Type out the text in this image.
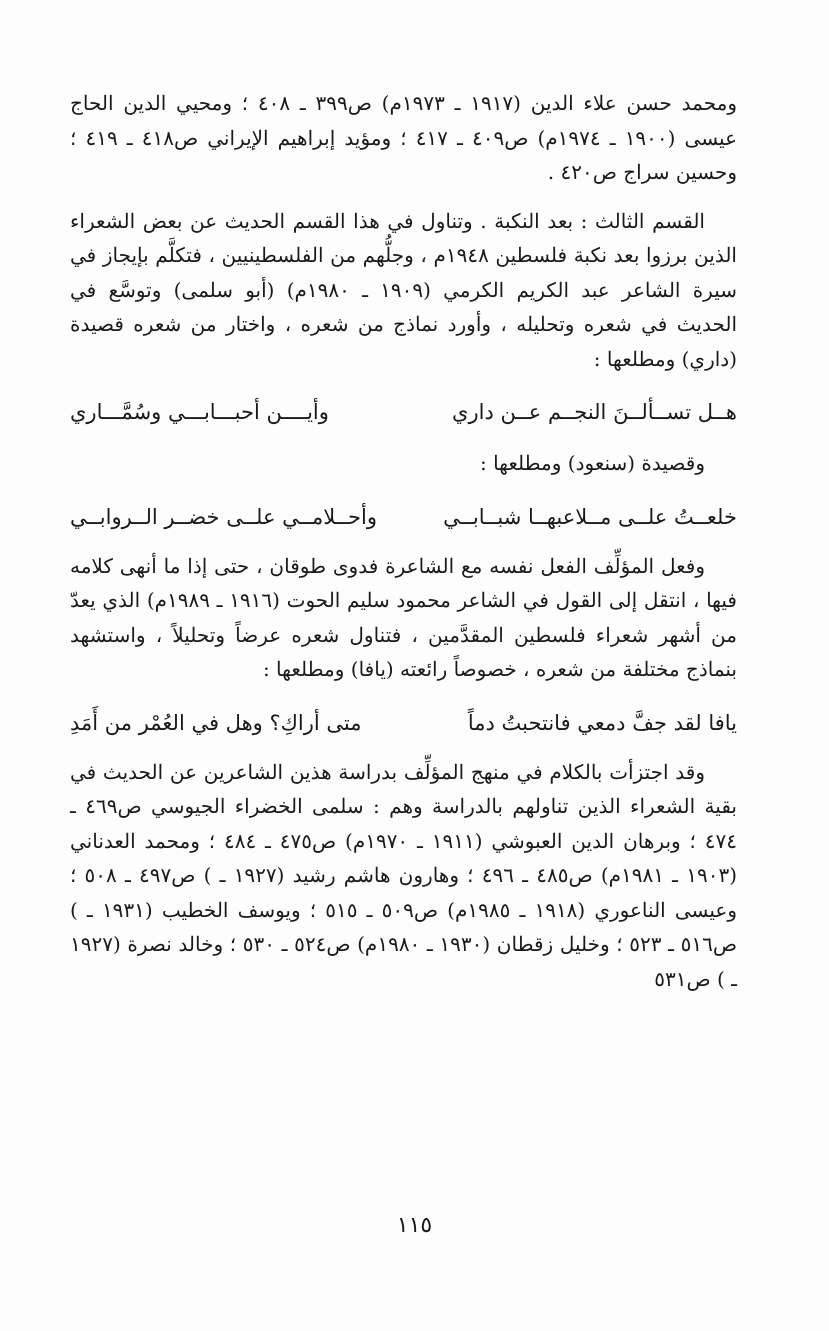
ومحمد حسن علاء الدين (١٩١٧ ـ ١٩٧٣م) ص٣٩٩ ـ ٤٠٨ ؛ ومحيي الدين الحاج عيسى (١٩٠٠ ـ ١٩٧٤م) ص٤٠٩ ـ ٤١٧ ؛ ومؤيد إبراهيم الإيراني ص٤١٨ ـ ٤١٩ ؛ وحسين سراج ص٤٢٠ .

القسم الثالث : بعد النكبة . وتناول في هذا القسم الحديث عن بعض الشعراء الذين برزوا بعد نكبة فلسطين ١٩٤٨م ، وجلُّهم من الفلسطينيين ، فتكلَّم بإيجاز في سيرة الشاعر عبد الكريم الكرمي (١٩٠٩ ـ ١٩٨٠م) (أبو سلمى) وتوسَّع في الحديث في شعره وتحليله ، وأورد نماذج من شعره ، واختار من شعره قصيدة (داري) ومطلعها :

هــل تســألــنَ النجــم عــن داري
وأيــــن أحبـــابـــي وسُمَّـــاري
وقصيدة (سنعود) ومطلعها :
خلعــتُ علــى مــلاعبهــا شبــابــي
وأحــلامــي علــى خضــر الــروابــي

وفعل المؤلِّف الفعل نفسه مع الشاعرة فدوى طوقان ، حتى إذا ما أنهى كلامه فيها ، انتقل إلى القول في الشاعر محمود سليم الحوت (١٩١٦ ـ ١٩٨٩م) الذي يعدّ من أشهر شعراء فلسطين المقدَّمين ، فتناول شعره عرضاً وتحليلاً ، واستشهد بنماذج مختلفة من شعره ، خصوصاً رائعته (يافا) ومطلعها :

يافا لقد جفَّ دمعي فانتحبتُ دماً
متى أراكِ؟ وهل في العُمْر من أَمَدِ

وقد اجتزأت بالكلام في منهج المؤلِّف بدراسة هذين الشاعرين عن الحديث في بقية الشعراء الذين تناولهم بالدراسة وهم : سلمى الخضراء الجيوسي ص٤٦٩ ـ ٤٧٤ ؛ وبرهان الدين العبوشي (١٩١١ ـ ١٩٧٠م) ص٤٧٥ ـ ٤٨٤ ؛ ومحمد العدناني (١٩٠٣ ـ ١٩٨١م) ص٤٨٥ ـ ٤٩٦ ؛ وهارون هاشم رشيد (١٩٢٧ ـ ) ص٤٩٧ ـ ٥٠٨ ؛ وعيسى الناعوري (١٩١٨ ـ ١٩٨٥م) ص٥٠٩ ـ ٥١٥ ؛ ويوسف الخطيب (١٩٣١ ـ ) ص٥١٦ ـ ٥٢٣ ؛ وخليل زقطان (١٩٣٠ ـ ١٩٨٠م) ص٥٢٤ ـ ٥٣٠ ؛ وخالد نصرة (١٩٢٧ ـ ) ص٥٣١

١١٥
